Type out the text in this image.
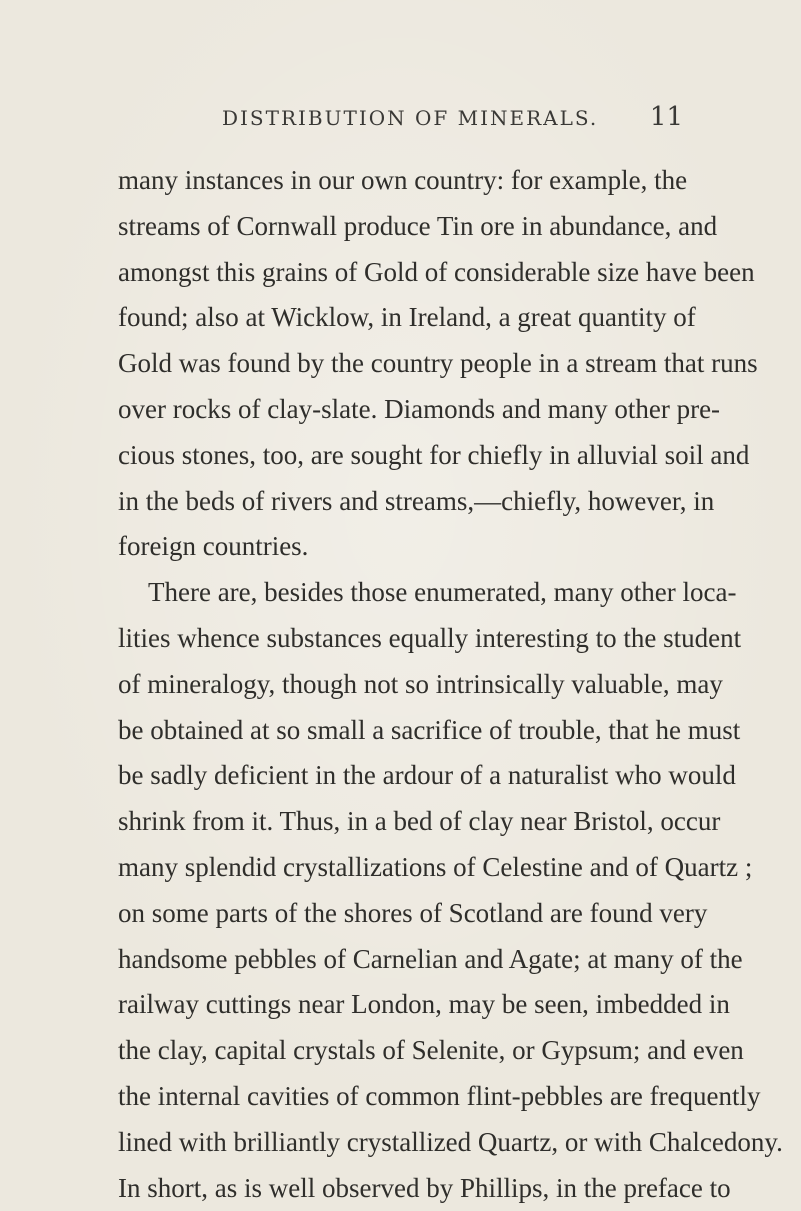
DISTRIBUTION OF MINERALS. 11
many instances in our own country: for example, the
streams of Cornwall produce Tin ore in abundance, and
amongst this grains of Gold of considerable size have been
found; also at Wicklow, in Ireland, a great quantity of
Gold was found by the country people in a stream that runs
over rocks of clay-slate. Diamonds and many other pre-
cious stones, too, are sought for chiefly in alluvial soil and
in the beds of rivers and streams,—chiefly, however, in
foreign countries.
There are, besides those enumerated, many other loca-
lities whence substances equally interesting to the student
of mineralogy, though not so intrinsically valuable, may
be obtained at so small a sacrifice of trouble, that he must
be sadly deficient in the ardour of a naturalist who would
shrink from it. Thus, in a bed of clay near Bristol, occur
many splendid crystallizations of Celestine and of Quartz ;
on some parts of the shores of Scotland are found very
handsome pebbles of Carnelian and Agate; at many of the
railway cuttings near London, may be seen, imbedded in
the clay, capital crystals of Selenite, or Gypsum; and even
the internal cavities of common flint-pebbles are frequently
lined with brilliantly crystallized Quartz, or with Chalcedony.
In short, as is well observed by Phillips, in the preface to
